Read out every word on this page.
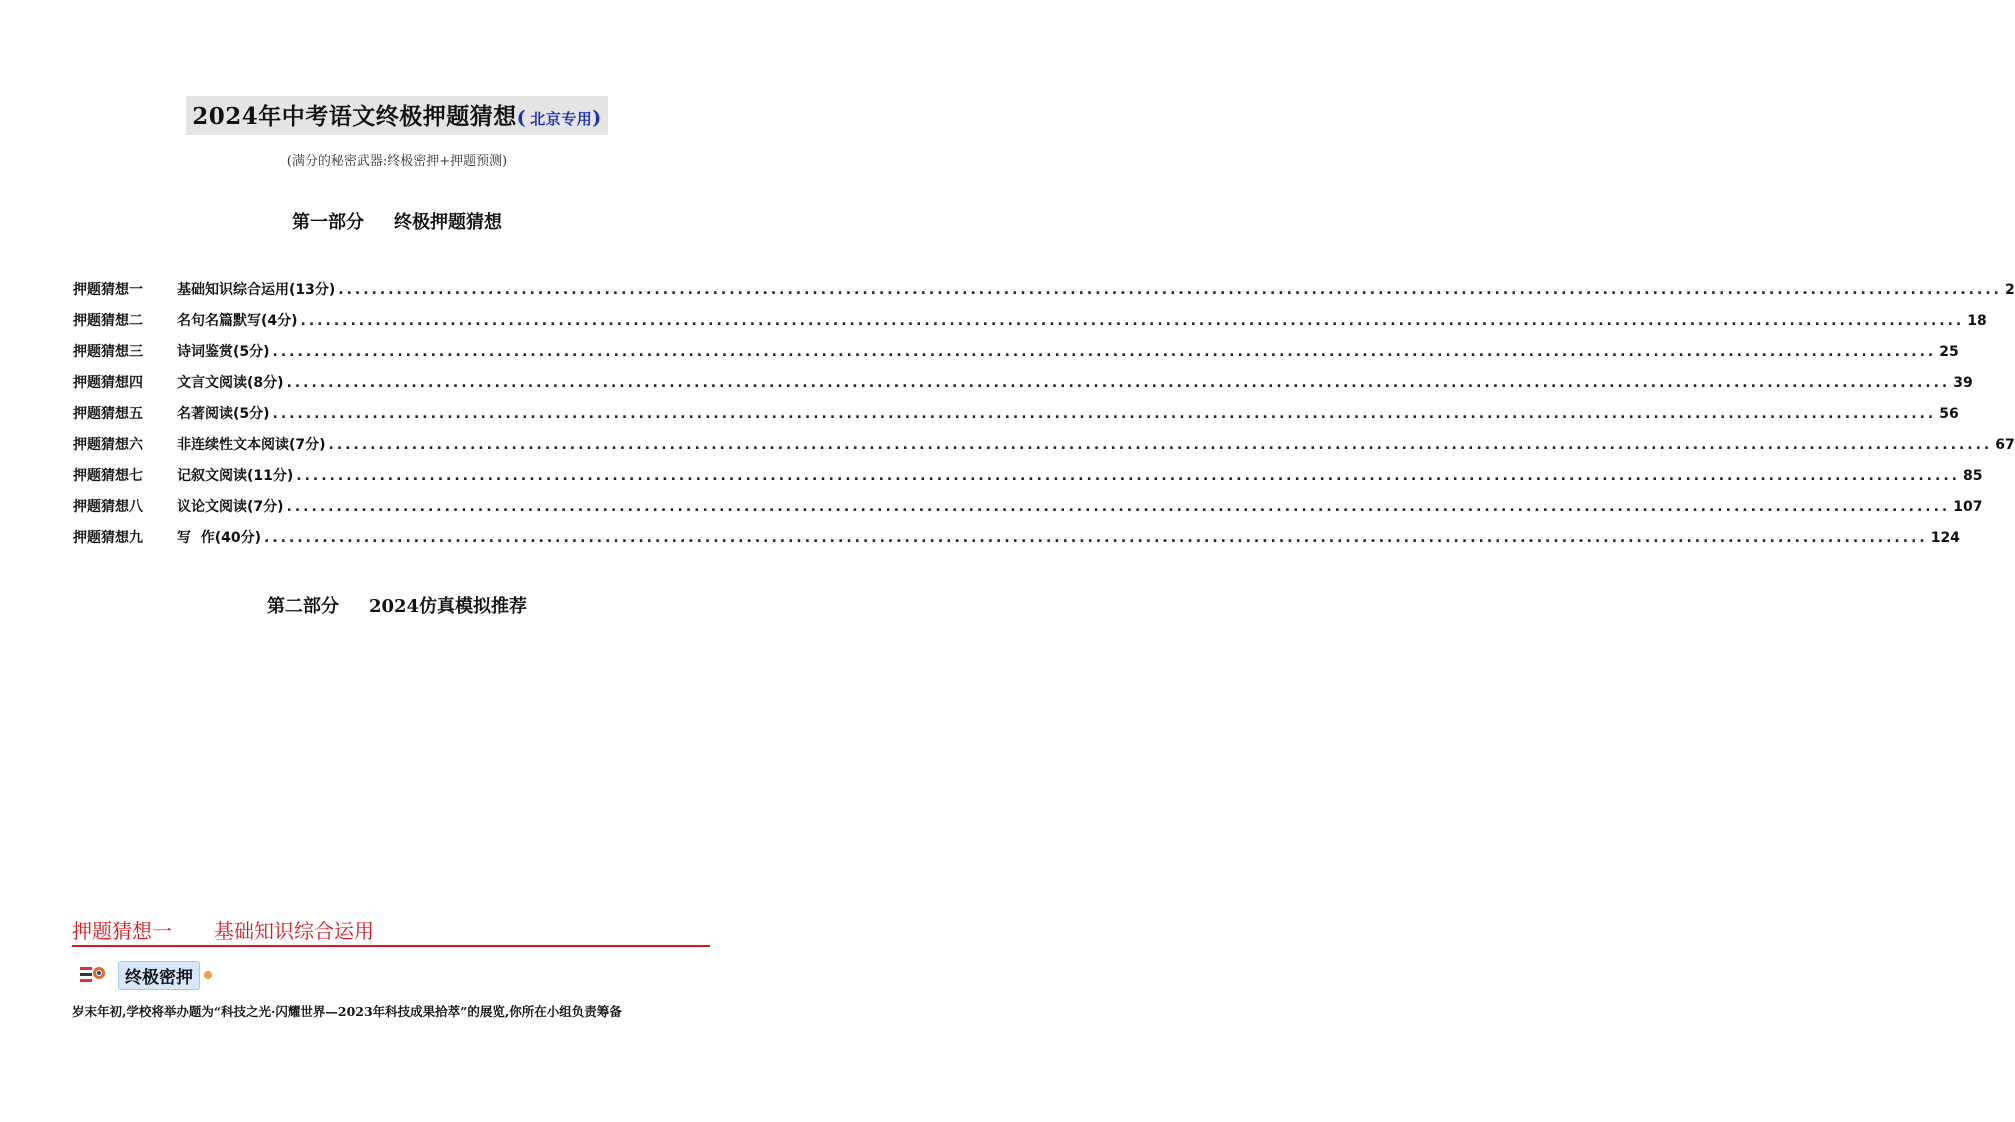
2024年中考语文终极押题猜想( 北京专用)
(满分的秘密武器:终极密押+押题预测)
第一部分 终极押题猜想
押题猜想一	基础知识综合运用(13分) ........................................................................................................................................................................................................ 2
押题猜想二	名句名篇默写(4分) ........................................................................................................................................................................................................ 18
押题猜想三	诗词鉴赏(5分) ........................................................................................................................................................................................................ 25
押题猜想四	文言文阅读(8分) ........................................................................................................................................................................................................ 39
押题猜想五	名著阅读(5分) ........................................................................................................................................................................................................ 56
押题猜想六	非连续性文本阅读(7分) ........................................................................................................................................................................................................ 67
押题猜想七	记叙文阅读(11分) ........................................................................................................................................................................................................ 85
押题猜想八	议论文阅读(7分) ........................................................................................................................................................................................................ 107
押题猜想九	写  作(40分) ........................................................................................................................................................................................................ 124
第二部分 2024仿真模拟推荐
押题猜想一 基础知识综合运用
终极密押
岁末年初,学校将举办题为“科技之光·闪耀世界—2023年科技成果拾萃”的展览,你所在小组负责筹备
